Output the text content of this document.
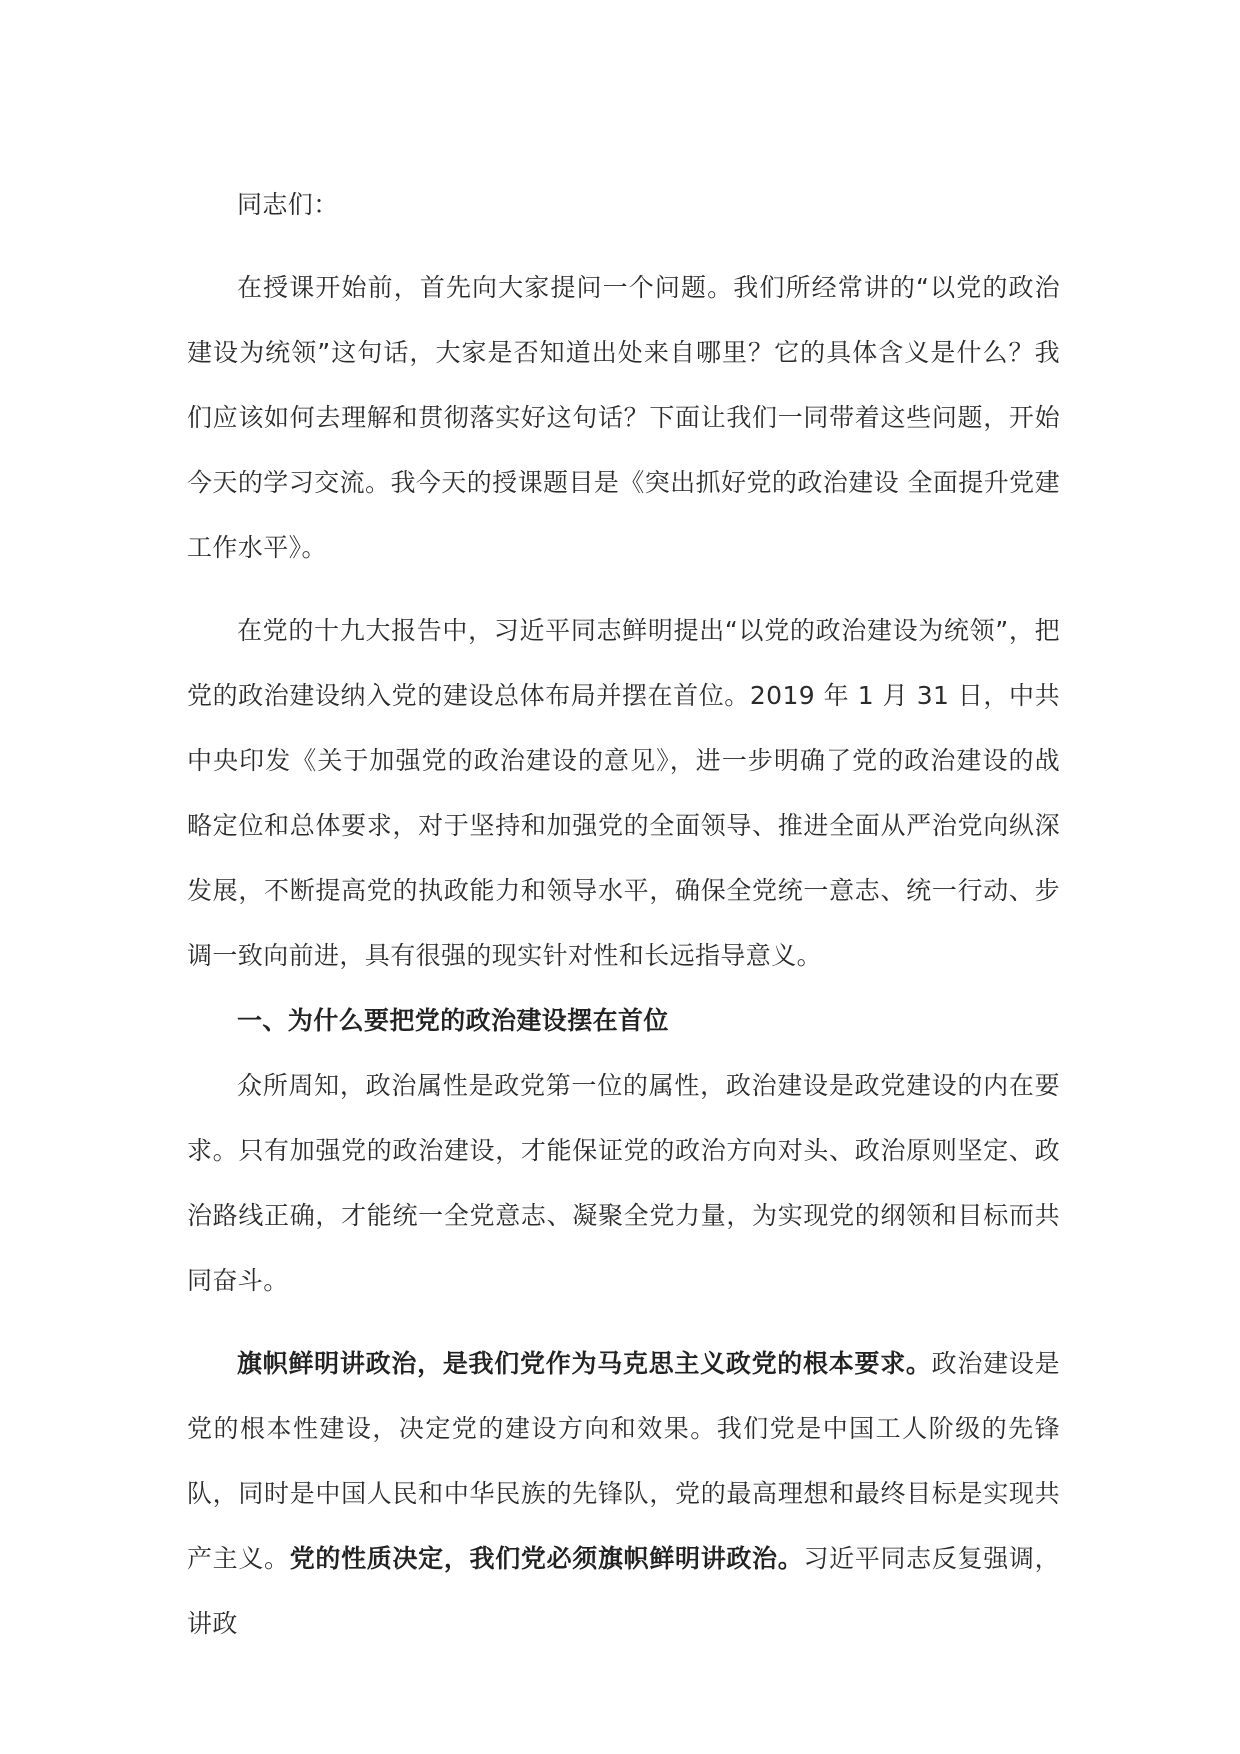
同志们：

在授课开始前，首先向大家提问一个问题。我们所经常讲的“以党的政治建设为统领”这句话，大家是否知道出处来自哪里？它的具体含义是什么？我们应该如何去理解和贯彻落实好这句话？下面让我们一同带着这些问题，开始今天的学习交流。我今天的授课题目是《突出抓好党的政治建设 全面提升党建工作水平》。

在党的十九大报告中，习近平同志鲜明提出“以党的政治建设为统领”，把党的政治建设纳入党的建设总体布局并摆在首位。2019 年 1 月 31 日，中共中央印发《关于加强党的政治建设的意见》，进一步明确了党的政治建设的战略定位和总体要求，对于坚持和加强党的全面领导、推进全面从严治党向纵深发展，不断提高党的执政能力和领导水平，确保全党统一意志、统一行动、步调一致向前进，具有很强的现实针对性和长远指导意义。

一、为什么要把党的政治建设摆在首位

众所周知，政治属性是政党第一位的属性，政治建设是政党建设的内在要求。只有加强党的政治建设，才能保证党的政治方向对头、政治原则坚定、政治路线正确，才能统一全党意志、凝聚全党力量，为实现党的纲领和目标而共同奋斗。

旗帜鲜明讲政治，是我们党作为马克思主义政党的根本要求。政治建设是党的根本性建设，决定党的建设方向和效果。我们党是中国工人阶级的先锋队，同时是中国人民和中华民族的先锋队，党的最高理想和最终目标是实现共产主义。党的性质决定，我们党必须旗帜鲜明讲政治。习近平同志反复强调，讲政
